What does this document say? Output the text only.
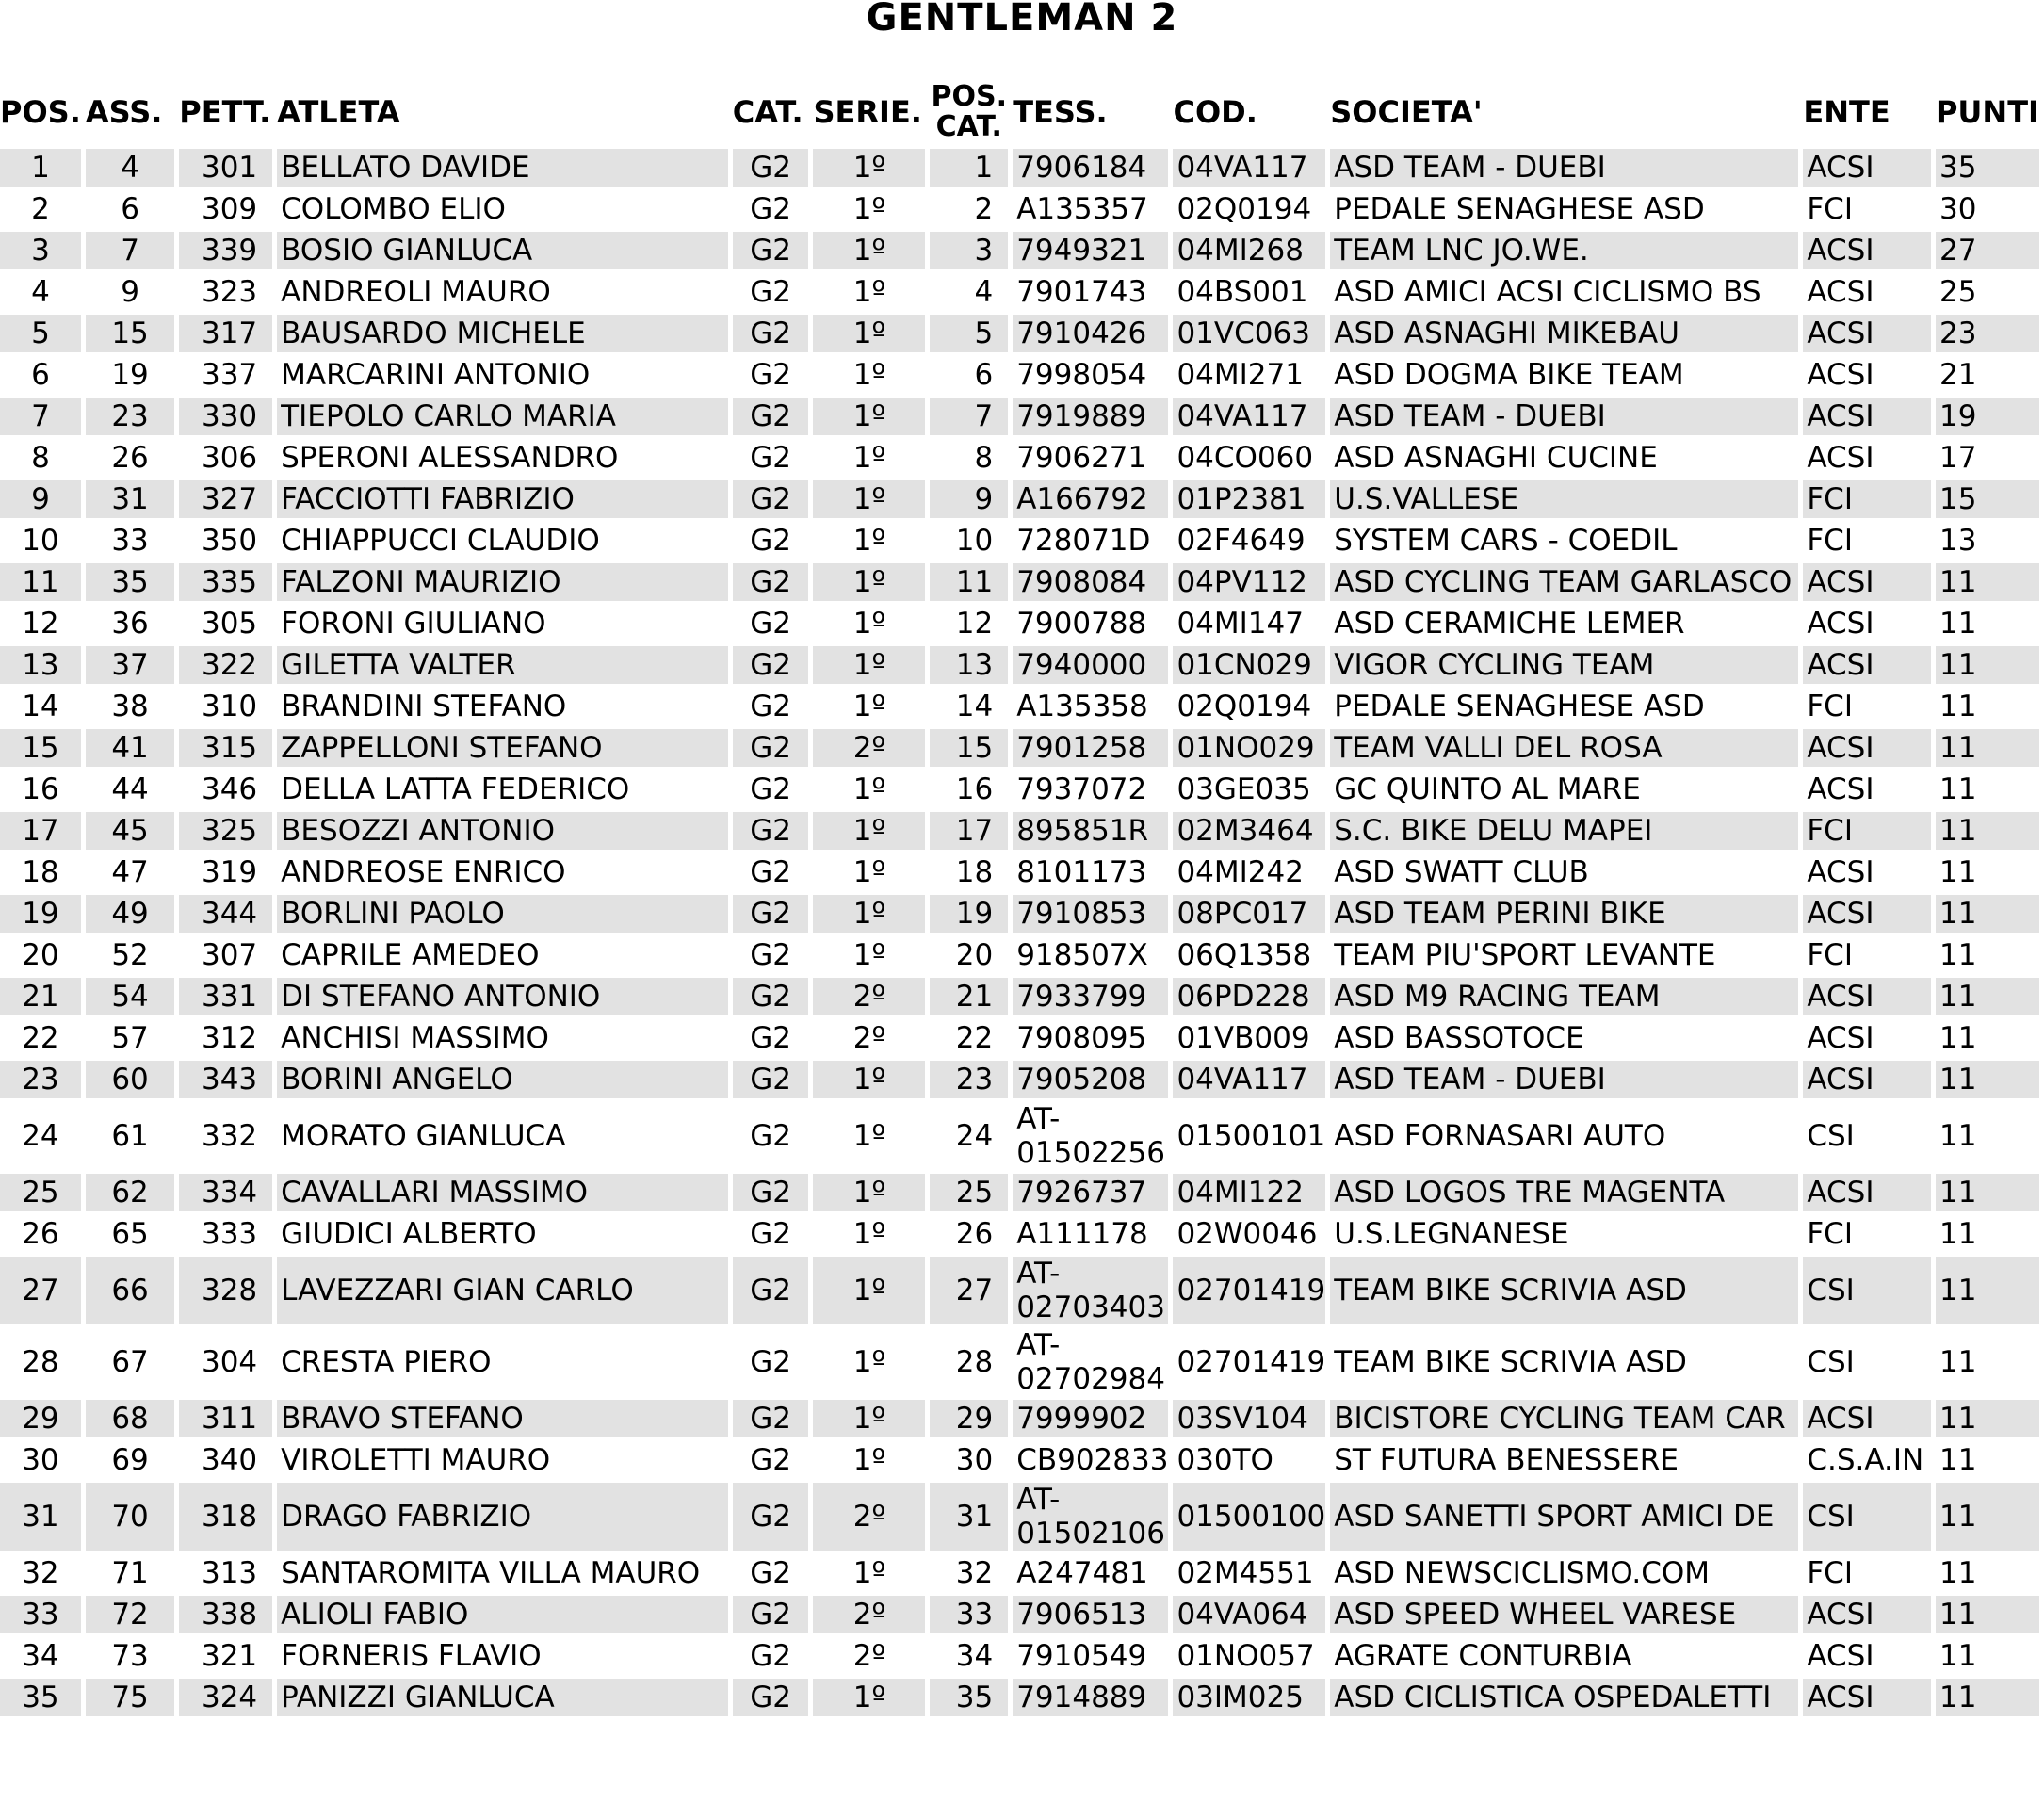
GENTLEMAN 2
POS.	ASS.	PETT.	ATLETA	CAT.	SERIE.	POS. CAT.	TESS.	COD.	SOCIETA'	ENTE	PUNTI
1	4	301	BELLATO DAVIDE	G2	1º	1	7906184	04VA117	ASD TEAM - DUEBI	ACSI	35
2	6	309	COLOMBO ELIO	G2	1º	2	A135357	02Q0194	PEDALE SENAGHESE ASD	FCI	30
3	7	339	BOSIO GIANLUCA	G2	1º	3	7949321	04MI268	TEAM LNC JO.WE.	ACSI	27
4	9	323	ANDREOLI MAURO	G2	1º	4	7901743	04BS001	ASD AMICI ACSI CICLISMO BS	ACSI	25
5	15	317	BAUSARDO MICHELE	G2	1º	5	7910426	01VC063	ASD ASNAGHI MIKEBAU	ACSI	23
6	19	337	MARCARINI ANTONIO	G2	1º	6	7998054	04MI271	ASD DOGMA BIKE TEAM	ACSI	21
7	23	330	TIEPOLO CARLO MARIA	G2	1º	7	7919889	04VA117	ASD TEAM - DUEBI	ACSI	19
8	26	306	SPERONI ALESSANDRO	G2	1º	8	7906271	04CO060	ASD ASNAGHI CUCINE	ACSI	17
9	31	327	FACCIOTTI FABRIZIO	G2	1º	9	A166792	01P2381	U.S.VALLESE	FCI	15
10	33	350	CHIAPPUCCI CLAUDIO	G2	1º	10	728071D	02F4649	SYSTEM CARS - COEDIL	FCI	13
11	35	335	FALZONI MAURIZIO	G2	1º	11	7908084	04PV112	ASD CYCLING TEAM GARLASCO	ACSI	11
12	36	305	FORONI GIULIANO	G2	1º	12	7900788	04MI147	ASD CERAMICHE LEMER	ACSI	11
13	37	322	GILETTA VALTER	G2	1º	13	7940000	01CN029	VIGOR CYCLING TEAM	ACSI	11
14	38	310	BRANDINI STEFANO	G2	1º	14	A135358	02Q0194	PEDALE SENAGHESE ASD	FCI	11
15	41	315	ZAPPELLONI STEFANO	G2	2º	15	7901258	01NO029	TEAM VALLI DEL ROSA	ACSI	11
16	44	346	DELLA LATTA FEDERICO	G2	1º	16	7937072	03GE035	GC QUINTO AL MARE	ACSI	11
17	45	325	BESOZZI ANTONIO	G2	1º	17	895851R	02M3464	S.C. BIKE DELU MAPEI	FCI	11
18	47	319	ANDREOSE ENRICO	G2	1º	18	8101173	04MI242	ASD SWATT CLUB	ACSI	11
19	49	344	BORLINI PAOLO	G2	1º	19	7910853	08PC017	ASD TEAM PERINI BIKE	ACSI	11
20	52	307	CAPRILE AMEDEO	G2	1º	20	918507X	06Q1358	TEAM PIU'SPORT LEVANTE	FCI	11
21	54	331	DI STEFANO ANTONIO	G2	2º	21	7933799	06PD228	ASD M9 RACING TEAM	ACSI	11
22	57	312	ANCHISI MASSIMO	G2	2º	22	7908095	01VB009	ASD BASSOTOCE	ACSI	11
23	60	343	BORINI ANGELO	G2	1º	23	7905208	04VA117	ASD TEAM - DUEBI	ACSI	11
24	61	332	MORATO GIANLUCA	G2	1º	24	AT-01502256	01500101	ASD FORNASARI AUTO	CSI	11
25	62	334	CAVALLARI MASSIMO	G2	1º	25	7926737	04MI122	ASD LOGOS TRE MAGENTA	ACSI	11
26	65	333	GIUDICI ALBERTO	G2	1º	26	A111178	02W0046	U.S.LEGNANESE	FCI	11
27	66	328	LAVEZZARI GIAN CARLO	G2	1º	27	AT-02703403	02701419	TEAM BIKE SCRIVIA ASD	CSI	11
28	67	304	CRESTA PIERO	G2	1º	28	AT-02702984	02701419	TEAM BIKE SCRIVIA ASD	CSI	11
29	68	311	BRAVO STEFANO	G2	1º	29	7999902	03SV104	BICISTORE CYCLING TEAM CAR	ACSI	11
30	69	340	VIROLETTI MAURO	G2	1º	30	CB902833	030TO	ST FUTURA BENESSERE	C.S.A.IN	11
31	70	318	DRAGO FABRIZIO	G2	2º	31	AT-01502106	01500100	ASD SANETTI SPORT AMICI DE	CSI	11
32	71	313	SANTAROMITA VILLA MAURO	G2	1º	32	A247481	02M4551	ASD NEWSCICLISMO.COM	FCI	11
33	72	338	ALIOLI FABIO	G2	2º	33	7906513	04VA064	ASD SPEED WHEEL VARESE	ACSI	11
34	73	321	FORNERIS FLAVIO	G2	2º	34	7910549	01NO057	AGRATE CONTURBIA	ACSI	11
35	75	324	PANIZZI GIANLUCA	G2	1º	35	7914889	03IM025	ASD CICLISTICA OSPEDALETTI	ACSI	11
